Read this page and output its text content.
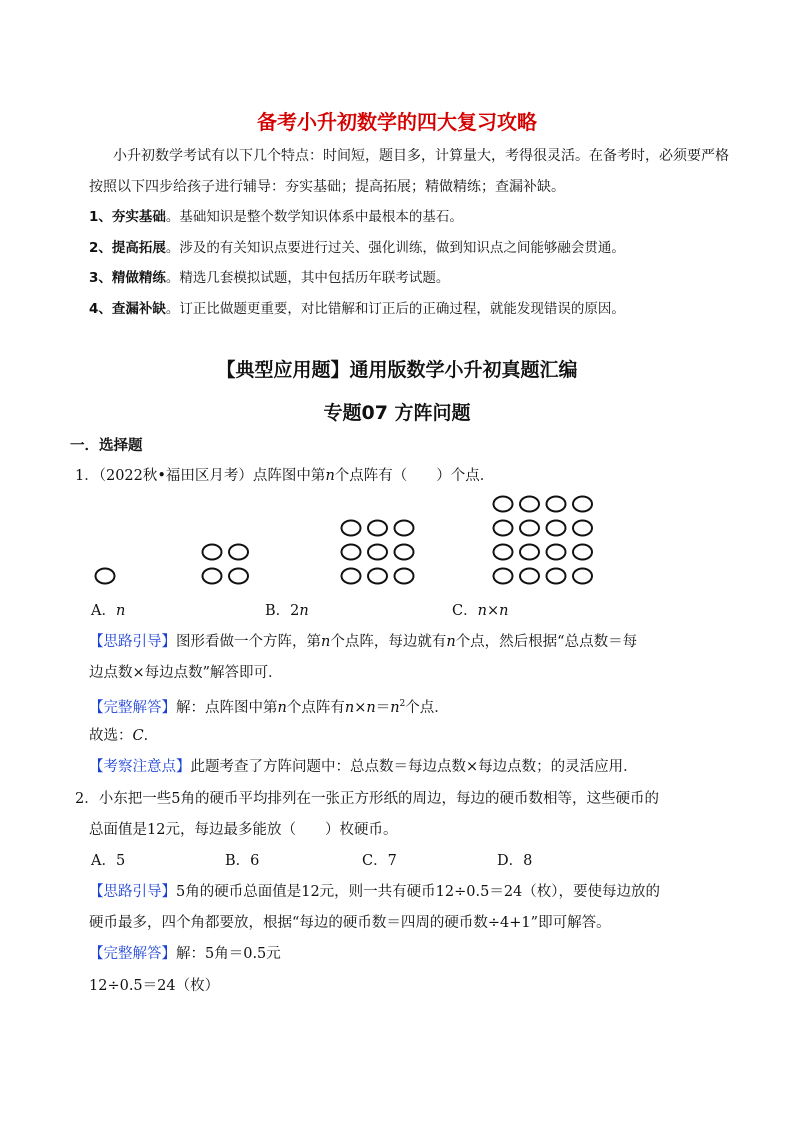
备考小升初数学的四大复习攻略
小升初数学考试有以下几个特点：时间短，题目多，计算量大，考得很灵活。在备考时，必须要严格
按照以下四步给孩子进行辅导：夯实基础；提高拓展；精做精练；查漏补缺。
1、夯实基础。基础知识是整个数学知识体系中最根本的基石。
2、提高拓展。涉及的有关知识点要进行过关、强化训练，做到知识点之间能够融会贯通。
3、精做精练。精选几套模拟试题，其中包括历年联考试题。
4、查漏补缺。订正比做题更重要，对比错解和订正后的正确过程，就能发现错误的原因。
【典型应用题】通用版数学小升初真题汇编
专题07 方阵问题
一．选择题
1．（2022秋•福田区月考）点阵图中第n个点阵有（　　）个点．
A．n	B．2n	C．n×n
【思路引导】图形看做一个方阵，第n个点阵，每边就有n个点，然后根据“总点数＝每
边点数×每边点数”解答即可．
【完整解答】解：点阵图中第n个点阵有$n\times n=n^2$个点．
故选：C．
【考察注意点】此题考查了方阵问题中：总点数＝每边点数×每边点数；的灵活应用．
2．小东把一些5角的硬币平均排列在一张正方形纸的周边，每边的硬币数相等，这些硬币的
总面值是12元，每边最多能放（　　）枚硬币。
A．5	B．6	C．7	D．8
【思路引导】5角的硬币总面值是12元，则一共有硬币12÷0.5＝24（枚），要使每边放的
硬币最多，四个角都要放，根据“每边的硬币数＝四周的硬币数÷4+1”即可解答。
【完整解答】解：5角＝0.5元
12÷0.5＝24（枚）
